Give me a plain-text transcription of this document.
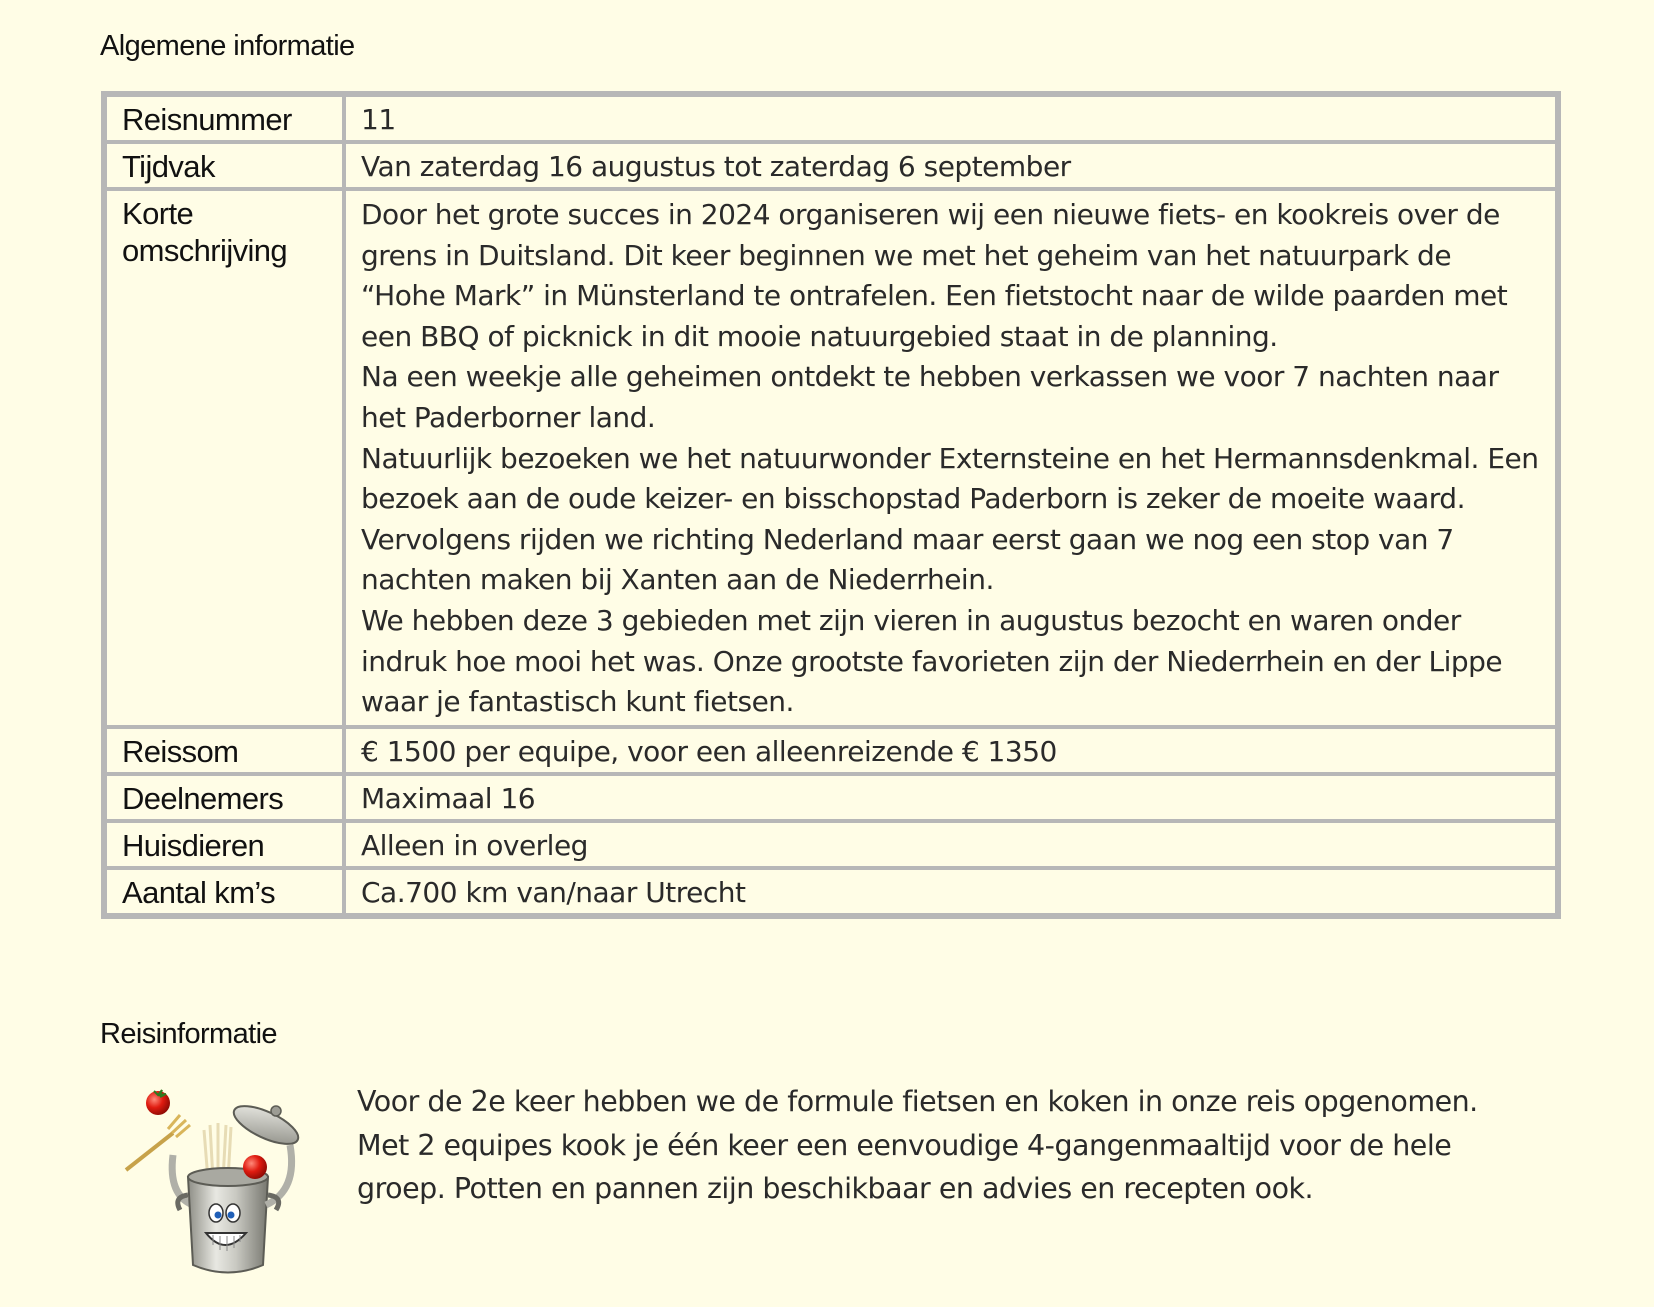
Algemene informatie
Reisnummer	11
Tijdvak	Van zaterdag 16 augustus tot zaterdag 6 september
Korte omschrijving	Door het grote succes in 2024 organiseren wij een nieuwe fiets- en kookreis over de grens in Duitsland. Dit keer beginnen we met het geheim van het natuurpark de “Hohe Mark” in Münsterland te ontrafelen. Een fietstocht naar de wilde paarden met een BBQ of picknick in dit mooie natuurgebied staat in de planning.
Na een weekje alle geheimen ontdekt te hebben verkassen we voor 7 nachten naar het Paderborner land.
Natuurlijk bezoeken we het natuurwonder Externsteine en het Hermannsdenkmal. Een bezoek aan de oude keizer- en bisschopstad Paderborn is zeker de moeite waard.
Vervolgens rijden we richting Nederland maar eerst gaan we nog een stop van 7 nachten maken bij Xanten aan de Niederrhein.
We hebben deze 3 gebieden met zijn vieren in augustus bezocht en waren onder indruk hoe mooi het was. Onze grootste favorieten zijn der Niederrhein en der Lippe waar je fantastisch kunt fietsen.
Reissom	€ 1500 per equipe, voor een alleenreizende € 1350
Deelnemers	Maximaal 16
Huisdieren	Alleen in overleg
Aantal km’s	Ca.700 km van/naar Utrecht
Reisinformatie

Voor de 2e keer hebben we de formule fietsen en koken in onze reis opgenomen.

Met 2 equipes kook je één keer een eenvoudige 4-gangenmaaltijd voor de hele

groep. Potten en pannen zijn beschikbaar en advies en recepten ook.
